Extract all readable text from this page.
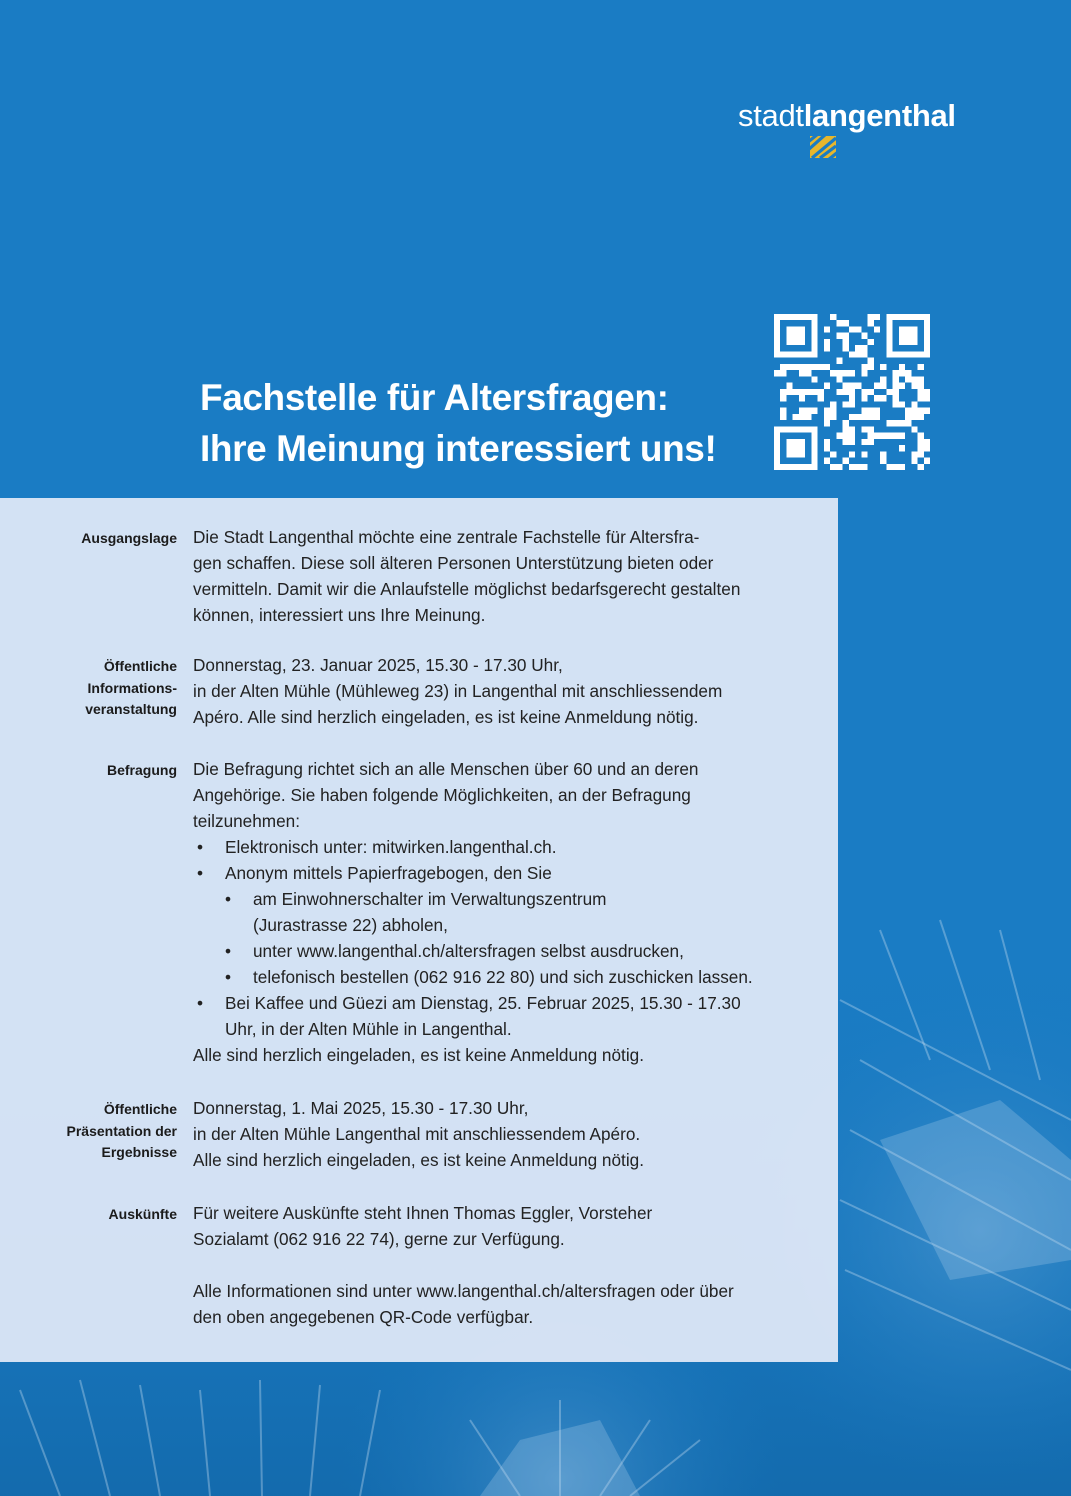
stadtlangenthal
Fachstelle für Altersfragen:
Ihre Meinung interessiert uns!
Ausgangslage Die Stadt Langenthal möchte eine zentrale Fachstelle für Altersfra-

gen schaffen. Diese soll älteren Personen Unterstützung bieten oder

vermitteln. Damit wir die Anlaufstelle möglichst bedarfsgerecht gestalten

können, interessiert uns Ihre Meinung.

Öffentliche
Informations-
veranstaltung

Donnerstag, 23. Januar 2025, 15.30 - 17.30 Uhr,

in der Alten Mühle (Mühleweg 23) in Langenthal mit anschliessendem

Apéro. Alle sind herzlich eingeladen, es ist keine Anmeldung nötig.

Befragung Die Befragung richtet sich an alle Menschen über 60 und an deren

Angehörige. Sie haben folgende Möglichkeiten, an der Befragung

teilzunehmen:

• Elektronisch unter: mitwirken.langenthal.ch.
• Anonym mittels Papierfragebogen, den Sie
• am Einwohnerschalter im Verwaltungszentrum
(Jurastrasse 22) abholen,
• unter www.langenthal.ch/altersfragen selbst ausdrucken,
• telefonisch bestellen (062 916 22 80) und sich zuschicken lassen.
• Bei Kaffee und Güezi am Dienstag, 25. Februar 2025, 15.30 - 17.30
Uhr, in der Alten Mühle in Langenthal.

Alle sind herzlich eingeladen, es ist keine Anmeldung nötig.

Öffentliche
Präsentation der
Ergebnisse

Donnerstag, 1. Mai 2025, 15.30 - 17.30 Uhr,

in der Alten Mühle Langenthal mit anschliessendem Apéro.

Alle sind herzlich eingeladen, es ist keine Anmeldung nötig.

Auskünfte Für weitere Auskünfte steht Ihnen Thomas Eggler, Vorsteher

Sozialamt (062 916 22 74), gerne zur Verfügung.

Alle Informationen sind unter www.langenthal.ch/altersfragen oder über

den oben angegebenen QR-Code verfügbar.
